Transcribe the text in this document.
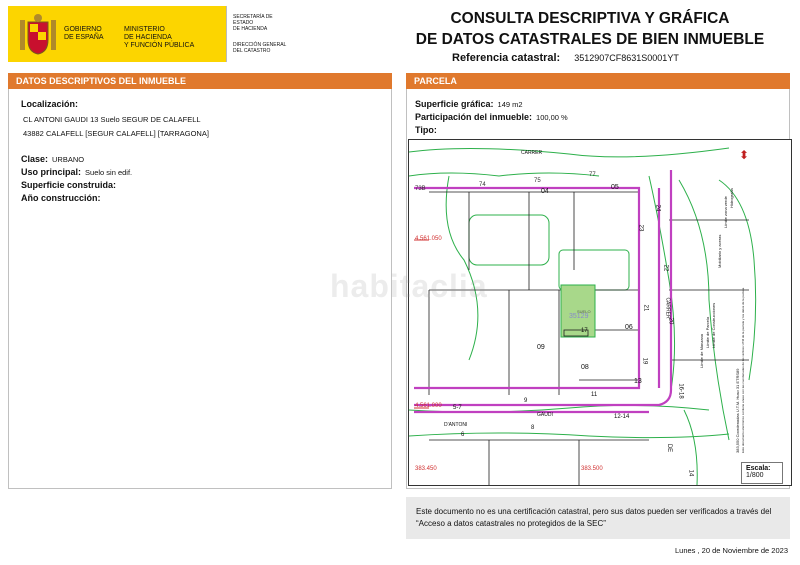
GOBIERNO
DE ESPAÑA
MINISTERIO
DE HACIENDA
Y FUNCIÓN PÚBLICA
SECRETARÍA DE ESTADO
DE HACIENDA
DIRECCIÓN GENERAL
DEL CATASTRO
CONSULTA DESCRIPTIVA Y GRÁFICA
DE DATOS CATASTRALES DE BIEN INMUEBLE
Referencia catastral: 3512907CF8631S0001YT
DATOS DESCRIPTIVOS DEL INMUEBLE
Localización:
CL ANTONI GAUDI 13 Suelo SEGUR DE CALAFELL
43882 CALAFELL [SEGUR CALAFELL] [TARRAGONA]
Clase: URBANO
Uso principal: Suelo sin edif.
Superficie construida:
Año construcción:
PARCELA
Superficie gráfica: 149 m2
Participación del inmueble: 100,00 %
Tipo:
CARRER
CARRER
D'ANTONI
GAUDI
4.561.050
4.561.000
383.450	383.500
35129
SUELO
17
04
05
06
08
09
13
73B
74
75
77
24
23
22
21
20
19
16-18
5-7
9
11
12-14
6
8
DE
14
⬍
Límite de Manzana
Límite de Parcela Límite de Construcciones
Mobiliario y aceras
Límite zona verde Hidrografía
383,550 Coordenadas U.T.M. Huso 31 ETRS89 Este documento electrónico contiene anexo con las coordenadas de los vértices UTM de la parcela y los datos de la parcela
habitaclia
Escala:
1/800
Este documento no es una certificación catastral, pero sus datos pueden ser verificados a través del “Acceso a datos catastrales no protegidos de la SEC”
Lunes , 20 de Noviembre de 2023
